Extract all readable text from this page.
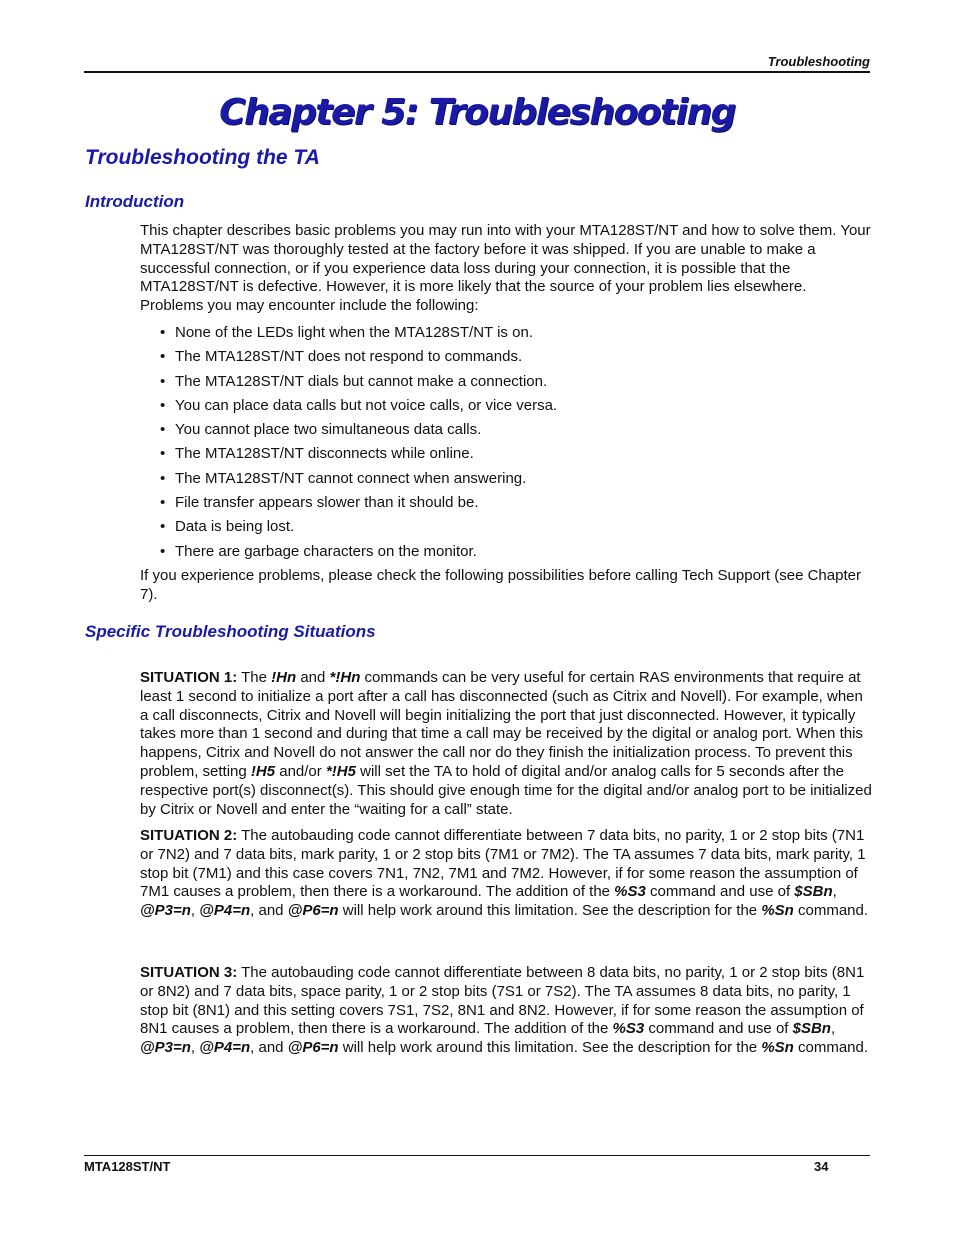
Troubleshooting
Chapter 5: Troubleshooting
Troubleshooting the TA
Introduction

This chapter describes basic problems you may run into with your MTA128ST/NT and how to solve them. Your MTA128ST/NT was thoroughly tested at the factory before it was shipped. If you are unable to make a successful connection, or if you experience data loss during your connection, it is possible that the MTA128ST/NT is defective. However, it is more likely that the source of your problem lies elsewhere. Problems you may encounter include the following:

• None of the LEDs light when the MTA128ST/NT is on.
• The MTA128ST/NT does not respond to commands.
• The MTA128ST/NT dials but cannot make a connection.
• You can place data calls but not voice calls, or vice versa.
• You cannot place two simultaneous data calls.
• The MTA128ST/NT disconnects while online.
• The MTA128ST/NT cannot connect when answering.
• File transfer appears slower than it should be.
• Data is being lost.
• There are garbage characters on the monitor.

If you experience problems, please check the following possibilities before calling Tech Support (see Chapter 7).

Specific Troubleshooting Situations

SITUATION 1: The !Hn and *!Hn commands can be very useful for certain RAS environments that require at least 1 second to initialize a port after a call has disconnected (such as Citrix and Novell). For example, when a call disconnects, Citrix and Novell will begin initializing the port that just disconnected. However, it typically takes more than 1 second and during that time a call may be received by the digital or analog port. When this happens, Citrix and Novell do not answer the call nor do they finish the initialization process. To prevent this problem, setting !H5 and/or *!H5 will set the TA to hold of digital and/or analog calls for 5 seconds after the respective port(s) disconnect(s). This should give enough time for the digital and/or analog port to be initialized by Citrix or Novell and enter the “waiting for a call” state.

SITUATION 2: The autobauding code cannot differentiate between 7 data bits, no parity, 1 or 2 stop bits (7N1 or 7N2) and 7 data bits, mark parity, 1 or 2 stop bits (7M1 or 7M2). The TA assumes 7 data bits, mark parity, 1 stop bit (7M1) and this case covers 7N1, 7N2, 7M1 and 7M2. However, if for some reason the assumption of 7M1 causes a problem, then there is a workaround. The addition of the %S3 command and use of $SBn, @P3=n, @P4=n, and @P6=n will help work around this limitation. See the description for the %Sn command.

SITUATION 3: The autobauding code cannot differentiate between 8 data bits, no parity, 1 or 2 stop bits (8N1 or 8N2) and 7 data bits, space parity, 1 or 2 stop bits (7S1 or 7S2). The TA assumes 8 data bits, no parity, 1 stop bit (8N1) and this setting covers 7S1, 7S2, 8N1 and 8N2. However, if for some reason the assumption of 8N1 causes a problem, then there is a workaround. The addition of the %S3 command and use of $SBn, @P3=n, @P4=n, and @P6=n will help work around this limitation. See the description for the %Sn command.

MTA128ST/NT	34
